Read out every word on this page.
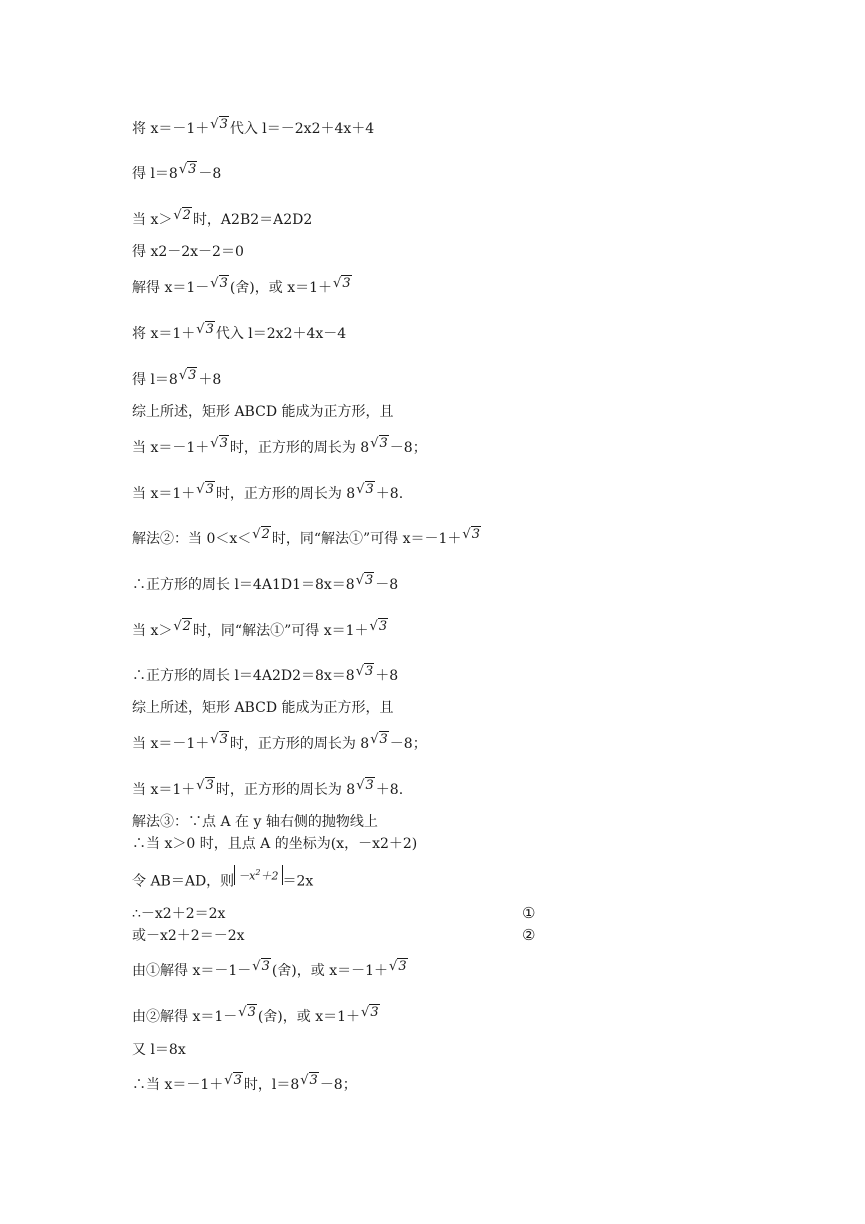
将 x＝－1＋√3 代入 l＝－2x2＋4x＋4
得 l＝8√3 －8
当 x＞√2 时，A2B2＝A2D2
得 x2－2x－2＝0
解得 x＝1－√3 (舍)，或 x＝1＋√3
将 x＝1＋√3 代入 l＝2x2＋4x－4
得 l＝8√3 ＋8
综上所述，矩形 ABCD 能成为正方形，且
当 x＝－1＋√3 时，正方形的周长为 8√3 －8；
当 x＝1＋√3 时，正方形的周长为 8√3 ＋8.
解法②：当 0＜x＜√2 时，同“解法①”可得 x＝－1＋√3
∴正方形的周长 l＝4A1D1＝8x＝8√3 －8
当 x＞√2 时，同“解法①”可得 x＝1＋√3
∴正方形的周长 l＝4A2D2＝8x＝8√3 ＋8
综上所述，矩形 ABCD 能成为正方形，且
当 x＝－1＋√3 时，正方形的周长为 8√3 －8；
当 x＝1＋√3 时，正方形的周长为 8√3 ＋8.
解法③：∵点 A 在 y 轴右侧的抛物线上
∴当 x＞0 时，且点 A 的坐标为(x，－x2＋2)
令 AB＝AD，则 $-x^2+2 =2x$
∴－x2＋2＝2x	①
或－x2＋2＝－2x	②
由①解得 x＝－1－√3 (舍)，或 x＝－1＋√3
由②解得 x＝1－√3 (舍)，或 x＝1＋√3
又 l＝8x
∴当 x＝－1＋√3 时，l＝8√3 －8；
